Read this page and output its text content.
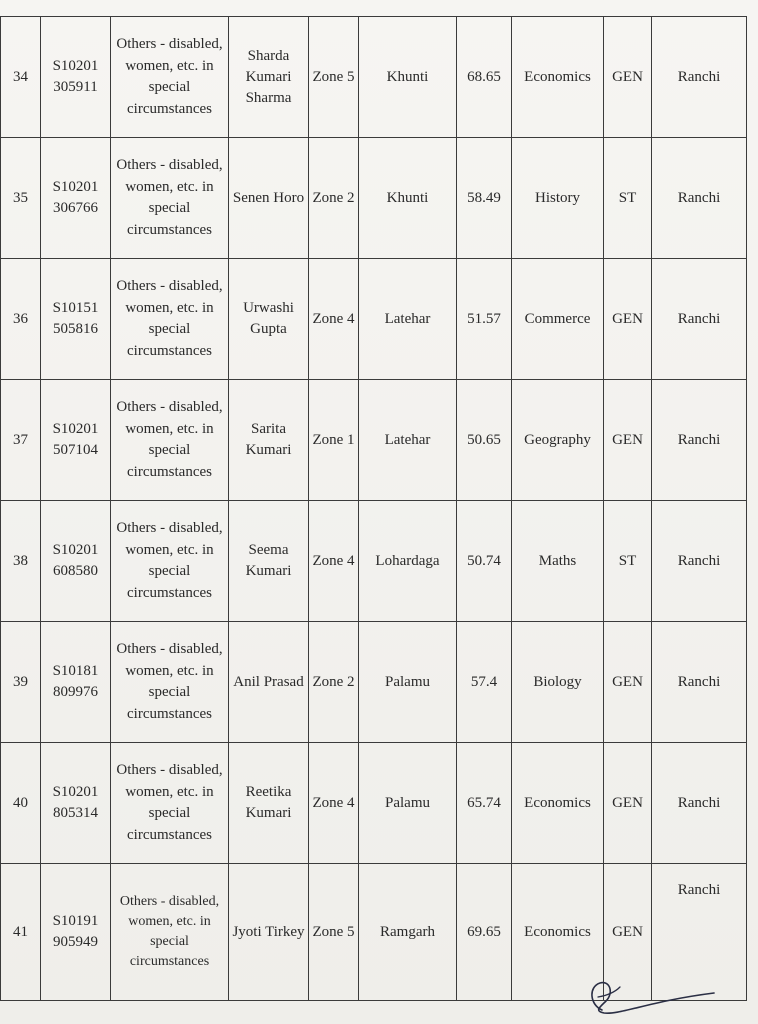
34	S10201 305911	Others - disabled, women, etc. in special circumstances	Sharda Kumari Sharma	Zone 5	Khunti	68.65	Economics	GEN	Ranchi
35	S10201 306766	Others - disabled, women, etc. in special circumstances	Senen Horo	Zone 2	Khunti	58.49	History	ST	Ranchi
36	S10151 505816	Others - disabled, women, etc. in special circumstances	Urwashi Gupta	Zone 4	Latehar	51.57	Commerce	GEN	Ranchi
37	S10201 507104	Others - disabled, women, etc. in special circumstances	Sarita Kumari	Zone 1	Latehar	50.65	Geography	GEN	Ranchi
38	S10201 608580	Others - disabled, women, etc. in special circumstances	Seema Kumari	Zone 4	Lohardaga	50.74	Maths	ST	Ranchi
39	S10181 809976	Others - disabled, women, etc. in special circumstances	Anil Prasad	Zone 2	Palamu	57.4	Biology	GEN	Ranchi
40	S10201 805314	Others - disabled, women, etc. in special circumstances	Reetika Kumari	Zone 4	Palamu	65.74	Economics	GEN	Ranchi
41	S10191 905949	Others - disabled, women, etc. in special circumstances	Jyoti Tirkey	Zone 5	Ramgarh	69.65	Economics	GEN	Ranchi
